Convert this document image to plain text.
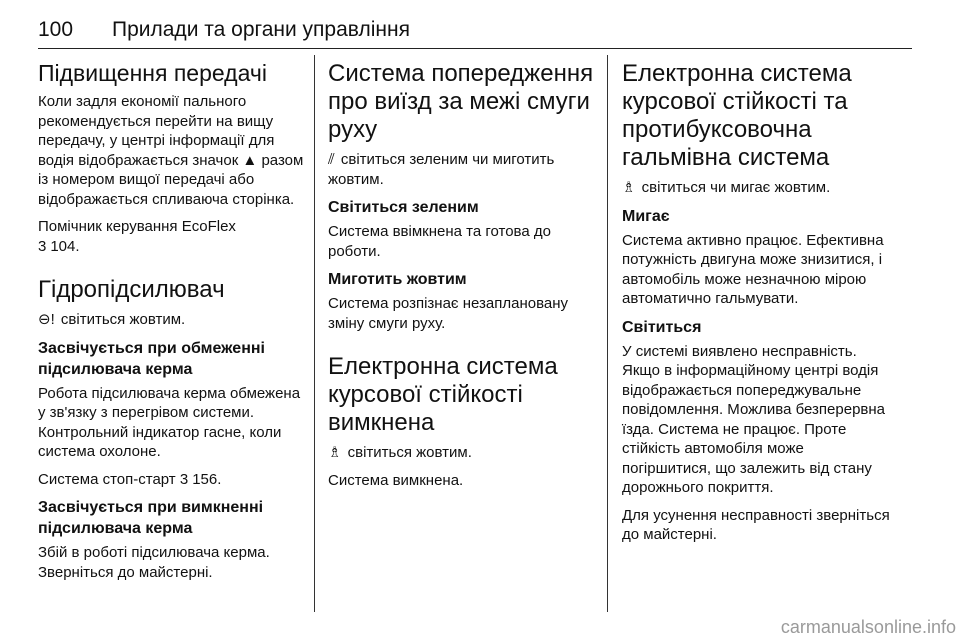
100 Прилади та органи управління
Підвищення передачі

Коли задля економії пального рекомендується перейти на вищу передачу, у центрі інформації для водія відображається значок ▲ разом із номером вищої передачі або відображається спливаюча сторінка.

Помічник керування EcoFlex
3 104.

Гідропідсилювач

⊖! світиться жовтим.

Засвічується при обмеженні підсилювача керма

Робота підсилювача керма обмежена у зв'язку з перегрівом системи. Контрольний індикатор гасне, коли система охолоне.

Система стоп-старт 3 156.

Засвічується при вимкненні підсилювача керма

Збій в роботі підсилювача керма. Зверніться до майстерні.

Система попередження про виїзд за межі смуги руху

⫽ світиться зеленим чи миготить жовтим.

Світиться зеленим

Система ввімкнена та готова до роботи.

Миготить жовтим

Система розпізнає незаплановану зміну смуги руху.

Електронна система курсової стійкості вимкнена

♗ світиться жовтим.

Система вимкнена.

Електронна система курсової стійкості та протибуксовочна гальмівна система

♗ світиться чи мигає жовтим.

Мигає

Система активно працює. Ефективна потужність двигуна може знизитися, і автомобіль може незначною мірою автоматично гальмувати.

Світиться

У системі виявлено несправність. Якщо в інформаційному центрі водія відображається попереджувальне повідомлення. Можлива безперервна їзда. Система не працює. Проте стійкість автомобіля може погіршитися, що залежить від стану дорожнього покриття.

Для усунення несправності зверніться до майстерні.

carmanualsonline.info
